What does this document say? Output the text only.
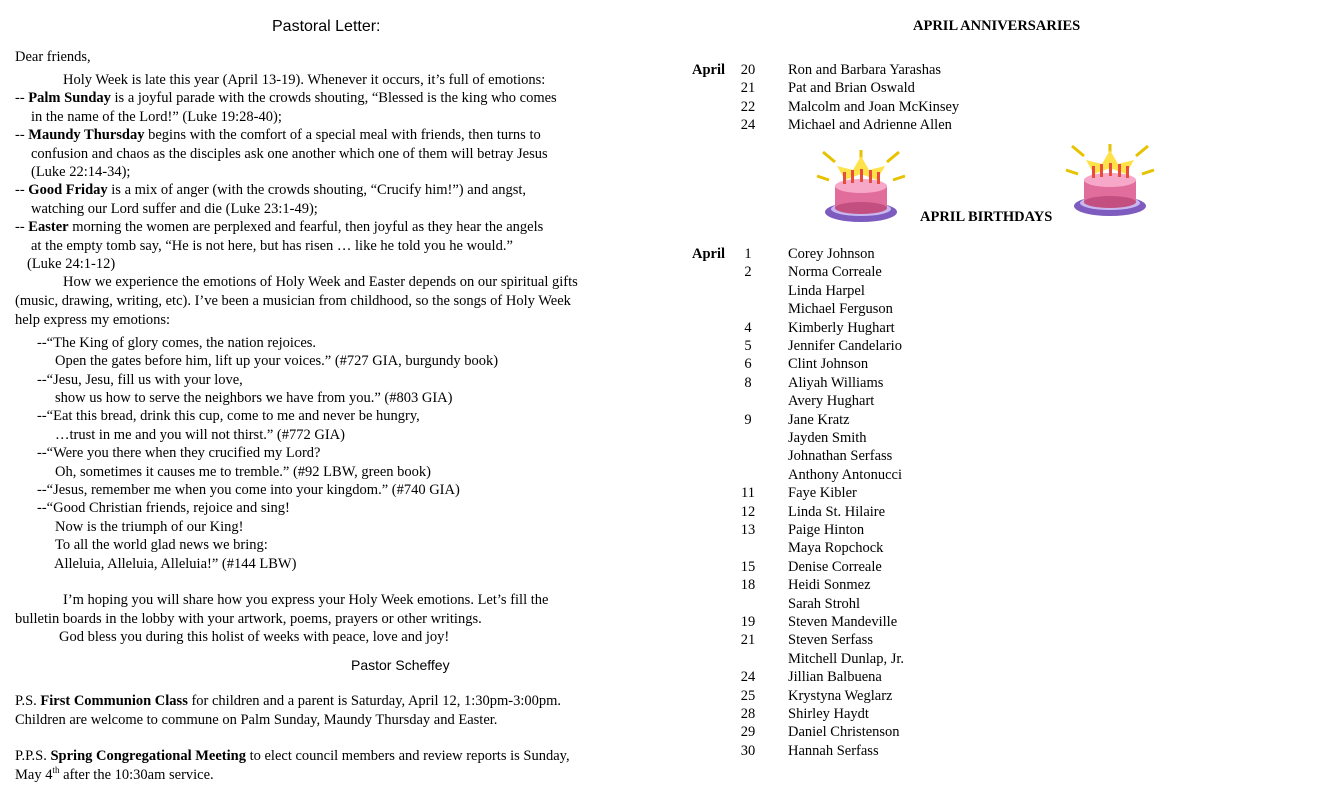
Pastoral Letter:
Dear friends,
Holy Week is late this year (April 13-19). Whenever it occurs, it’s full of emotions:
-- Palm Sunday is a joyful parade with the crowds shouting, “Blessed is the king who comes
in the name of the Lord!” (Luke 19:28-40);
-- Maundy Thursday begins with the comfort of a special meal with friends, then turns to
confusion and chaos as the disciples ask one another which one of them will betray Jesus
(Luke 22:14-34);
-- Good Friday is a mix of anger (with the crowds shouting, “Crucify him!”) and angst,
watching our Lord suffer and die (Luke 23:1-49);
-- Easter morning the women are perplexed and fearful, then joyful as they hear the angels
at the empty tomb say, “He is not here, but has risen … like he told you he would.”
(Luke 24:1-12)
How we experience the emotions of Holy Week and Easter depends on our spiritual gifts
(music, drawing, writing, etc). I’ve been a musician from childhood, so the songs of Holy Week
help express my emotions:
--“The King of glory comes, the nation rejoices.
Open the gates before him, lift up your voices.” (#727 GIA, burgundy book)
--“Jesu, Jesu, fill us with your love,
show us how to serve the neighbors we have from you.” (#803 GIA)
--“Eat this bread, drink this cup, come to me and never be hungry,
…trust in me and you will not thirst.” (#772 GIA)
--“Were you there when they crucified my Lord?
Oh, sometimes it causes me to tremble.” (#92 LBW, green book)
--“Jesus, remember me when you come into your kingdom.” (#740 GIA)
--“Good Christian friends, rejoice and sing!
Now is the triumph of our King!
To all the world glad news we bring:
Alleluia, Alleluia, Alleluia!” (#144 LBW)
I’m hoping you will share how you express your Holy Week emotions. Let’s fill the
bulletin boards in the lobby with your artwork, poems, prayers or other writings.
God bless you during this holist of weeks with peace, love and joy!
Pastor Scheffey
P.S. First Communion Class for children and a parent is Saturday, April 12, 1:30pm-3:00pm.
Children are welcome to commune on Palm Sunday, Maundy Thursday and Easter.
P.P.S. Spring Congregational Meeting to elect council members and review reports is Sunday,
May 4th after the 10:30am service.
APRIL ANNIVERSARIES
April	20	Ron and Barbara Yarashas
21	Pat and Brian Oswald
22	Malcolm and Joan McKinsey
24	Michael and Adrienne Allen
APRIL BIRTHDAYS
April	1	Corey Johnson
2	Norma Correale
Linda Harpel
Michael Ferguson
4	Kimberly Hughart
5	Jennifer Candelario
6	Clint Johnson
8	Aliyah Williams
Avery Hughart
9	Jane Kratz
Jayden Smith
Johnathan Serfass
Anthony Antonucci
11	Faye Kibler
12	Linda St. Hilaire
13	Paige Hinton
Maya Ropchock
15	Denise Correale
18	Heidi Sonmez
Sarah Strohl
19	Steven Mandeville
21	Steven Serfass
Mitchell Dunlap, Jr.
24	Jillian Balbuena
25	Krystyna Weglarz
28	Shirley Haydt
29	Daniel Christenson
30	Hannah Serfass
